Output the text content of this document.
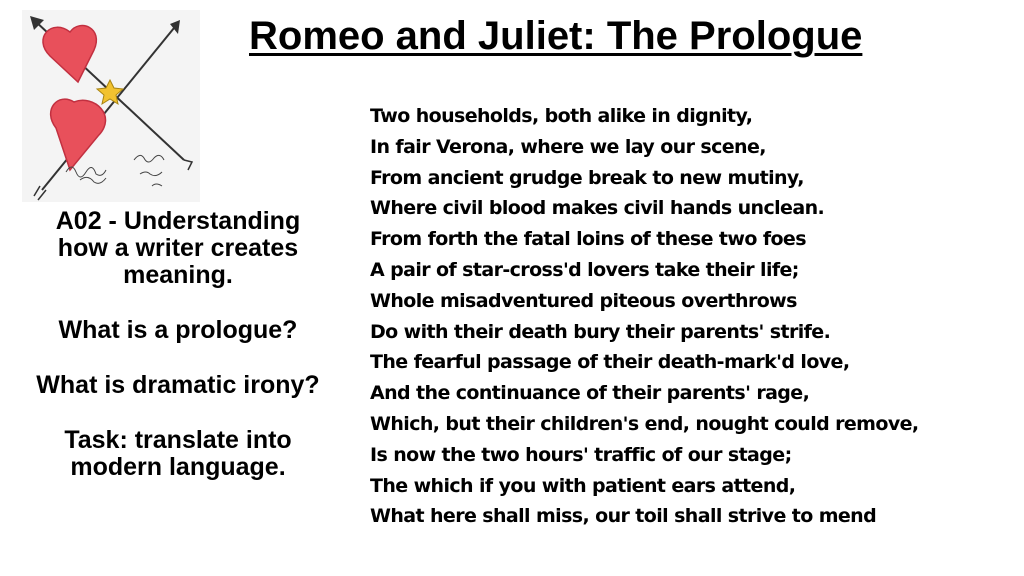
Romeo and Juliet: The Prologue

A02 - Understanding how a writer creates meaning.

What is a prologue?

What is dramatic irony?

Task: translate into modern language.

Two households, both alike in dignity,
In fair Verona, where we lay our scene,
From ancient grudge break to new mutiny,
Where civil blood makes civil hands unclean.
From forth the fatal loins of these two foes
A pair of star-cross'd lovers take their life;
Whole misadventured piteous overthrows
Do with their death bury their parents' strife.
The fearful passage of their death-mark'd love,
And the continuance of their parents' rage,
Which, but their children's end, nought could remove,
Is now the two hours' traffic of our stage;
The which if you with patient ears attend,
What here shall miss, our toil shall strive to mend
